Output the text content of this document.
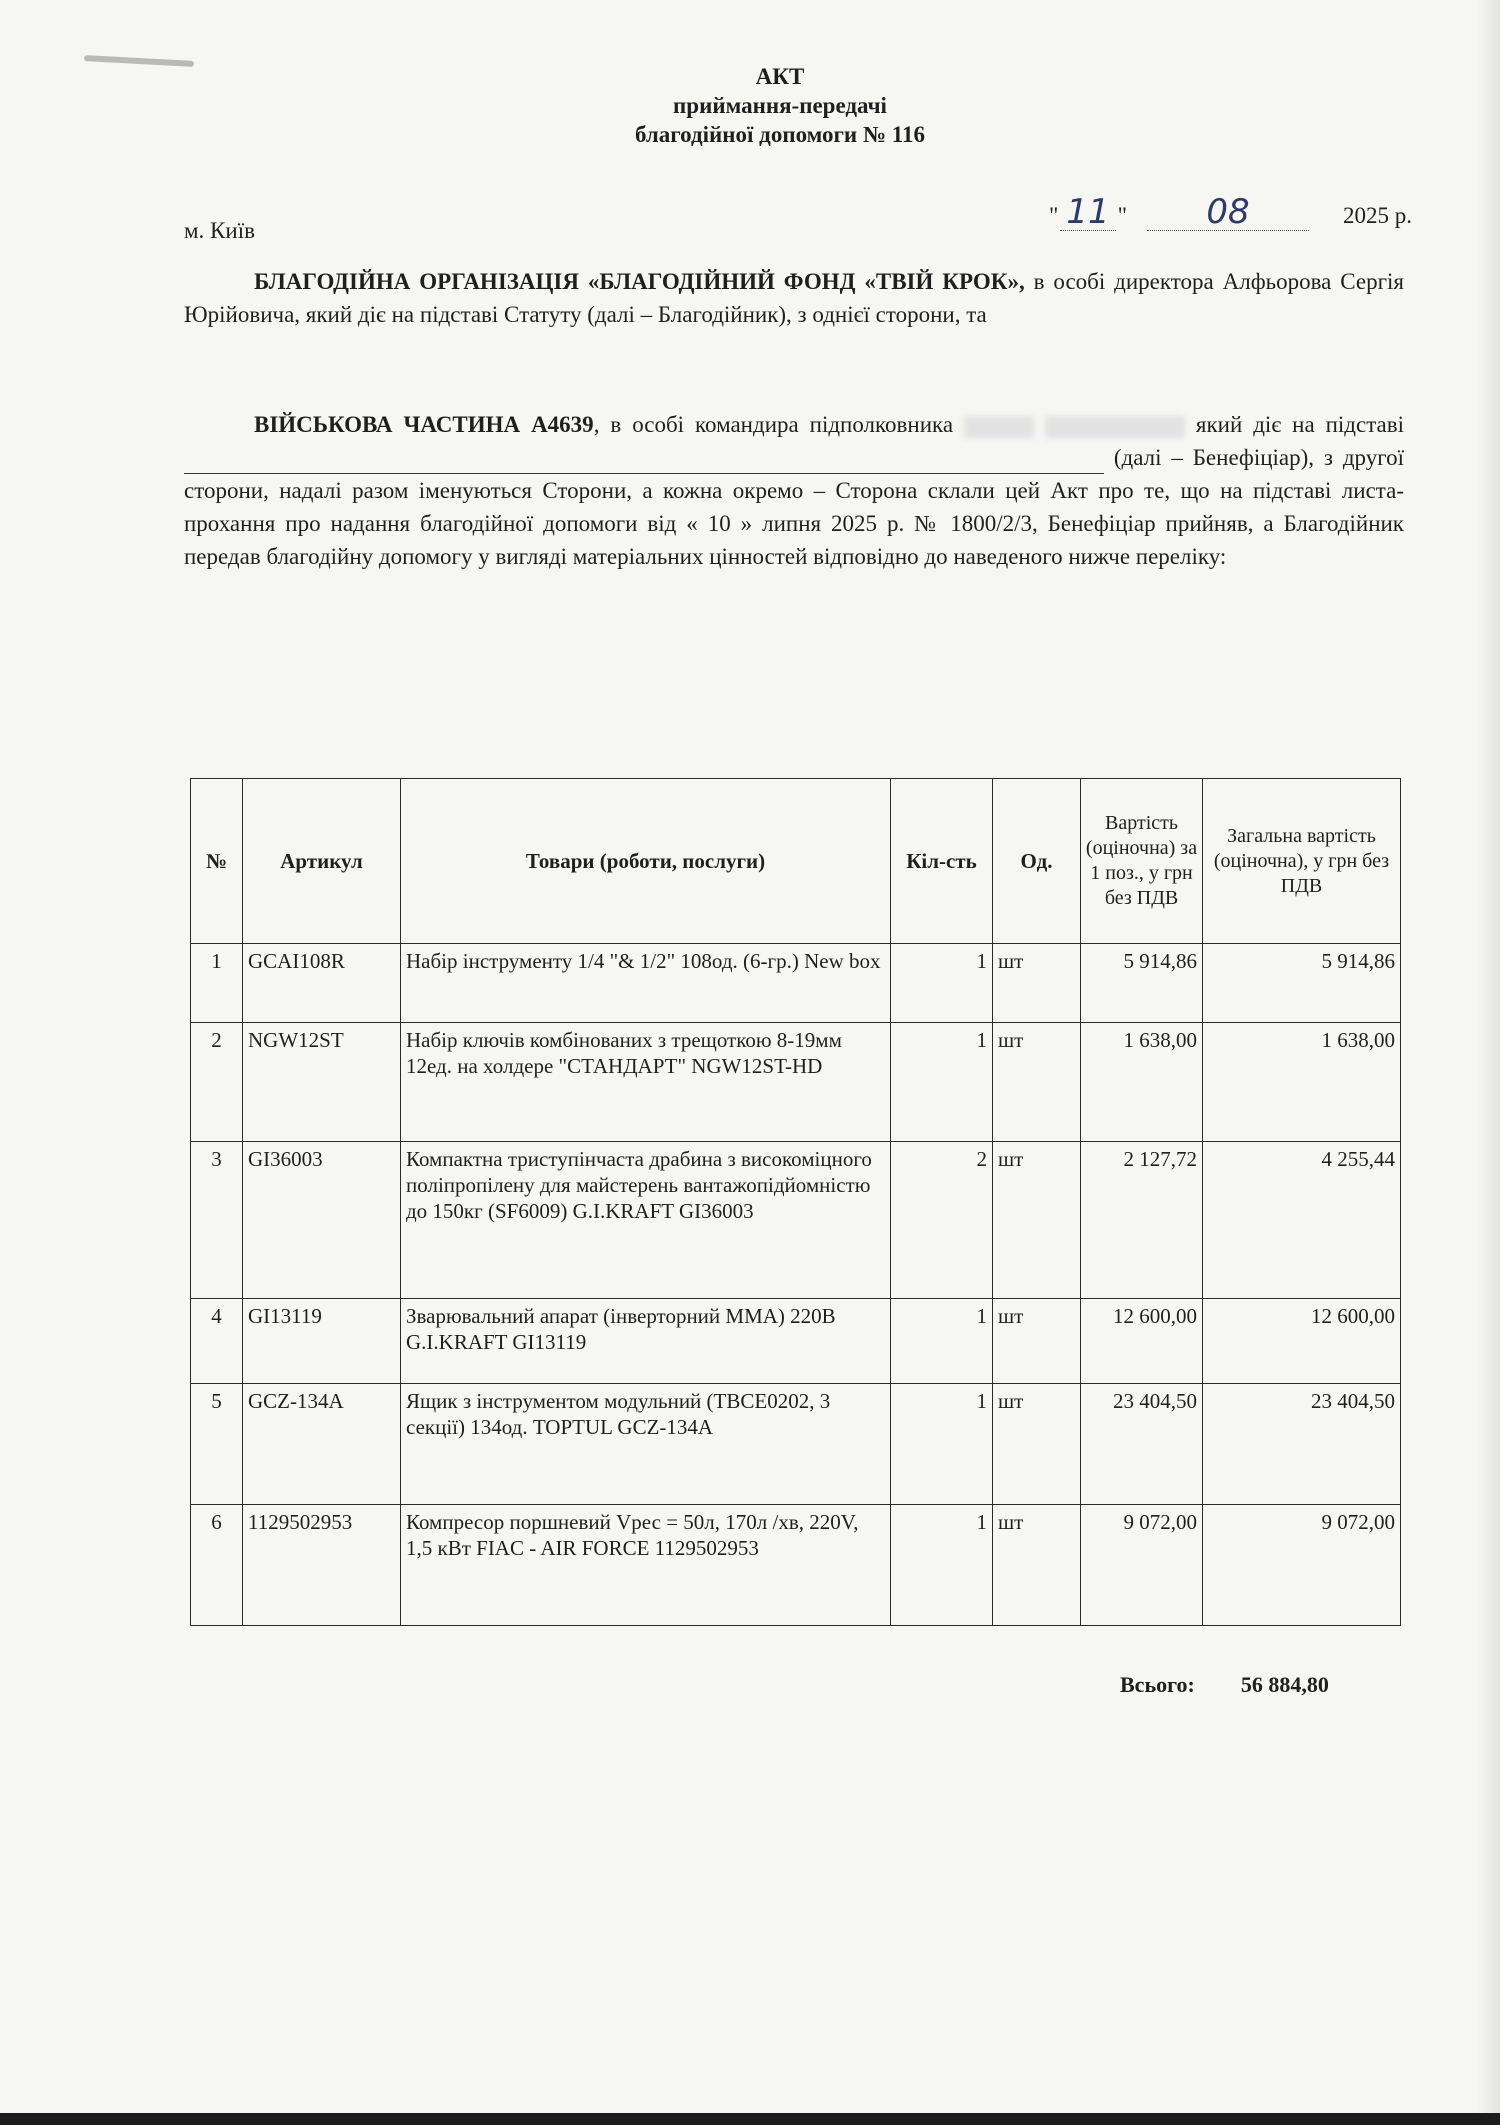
АКТ
приймання-передачі
благодійної допомоги № 116
м. Київ
" 11 "	08	2025 р.
БЛАГОДІЙНА ОРГАНІЗАЦІЯ «БЛАГОДІЙНИЙ ФОНД «ТВІЙ КРОК», в особі директора Алфьорова Сергія Юрійовича, який діє на підставі Статуту (далі – Благодійник), з однієї сторони, та
ВІЙСЬКОВА ЧАСТИНА А4639, в особі командира підполковника	який діє на підставі  (далі – Бенефіціар), з другої сторони, надалі разом іменуються Сторони, а кожна окремо – Сторона склали цей Акт про те, що на підставі листа-прохання про надання благодійної допомоги від « 10 » липня 2025 р. № 1800/2/3, Бенефіціар прийняв, а Благодійник передав благодійну допомогу у вигляді матеріальних цінностей відповідно до наведеного нижче переліку:
№	Артикул	Товари (роботи, послуги)	Кіл-сть	Од.	Вартість (оціночна) за 1 поз., у грн без ПДВ	Загальна вартість (оціночна), у грн без ПДВ
1	GCAI108R	Набір інструменту 1/4 "& 1/2" 108од. (6-гр.) New box	1	шт	5 914,86	5 914,86
2	NGW12ST	Набір ключів комбінованих з трещоткою 8-19мм 12ед. на холдере "СТАНДАРТ" NGW12ST-HD	1	шт	1 638,00	1 638,00
3	GI36003	Компактна триступінчаста драбина з високоміцного поліпропілену для майстерень вантажопідйомністю до 150кг (SF6009) G.I.KRAFT GI36003	2	шт	2 127,72	4 255,44
4	GI13119	Зварювальний апарат (інверторний ММА) 220В G.I.KRAFT GI13119	1	шт	12 600,00	12 600,00
5	GCZ-134A	Ящик з інструментом модульний (TBCE0202, 3 секції) 134од. TOPTUL GCZ-134A	1	шт	23 404,50	23 404,50
6	1129502953	Компресор поршневий Vрес = 50л, 170л /хв, 220V, 1,5 кВт FIAC - AIR FORCE 1129502953	1	шт	9 072,00	9 072,00
Всього: 56 884,80
